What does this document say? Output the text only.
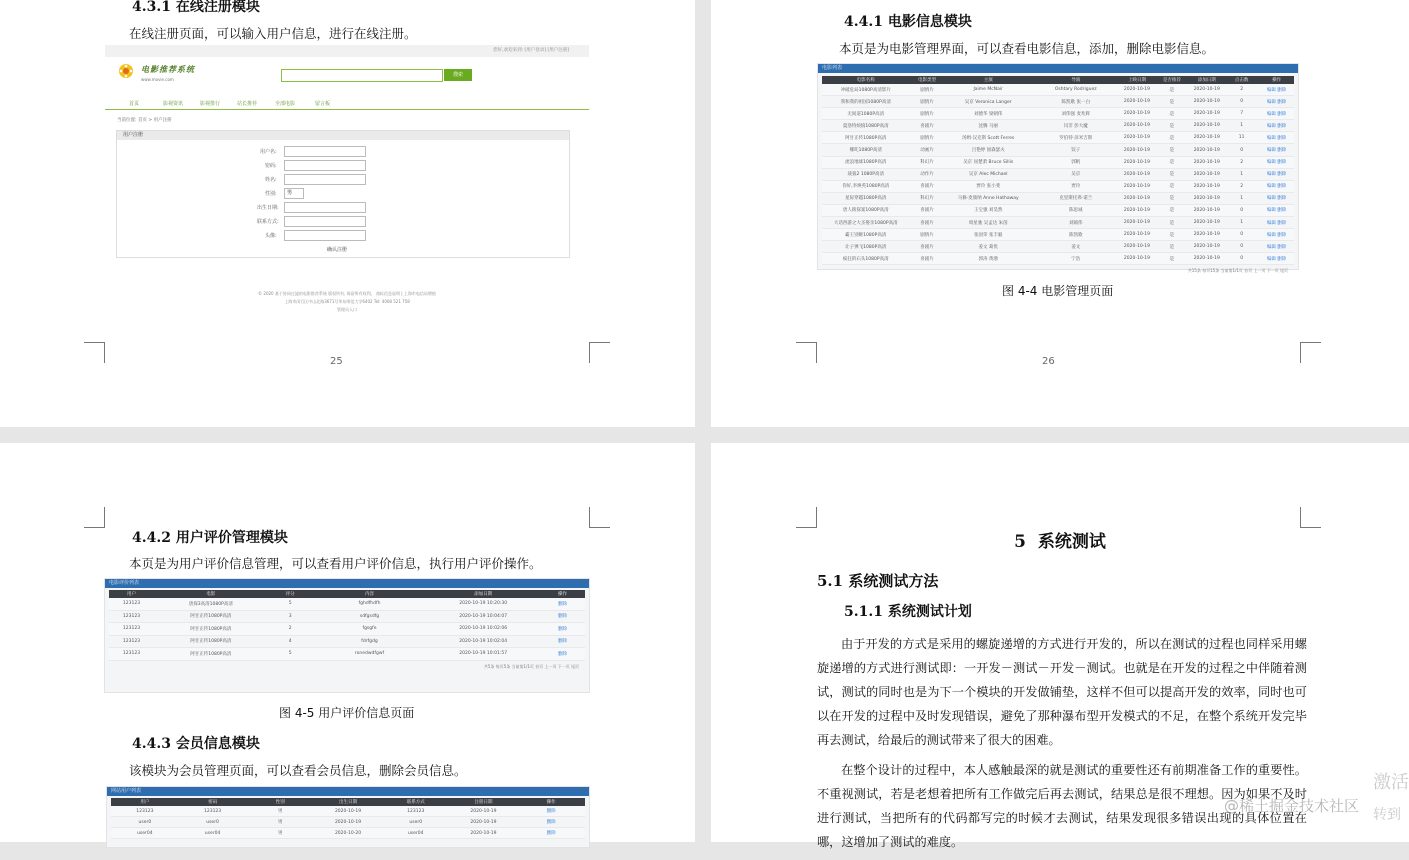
4.3.1 在线注册模块
在线注册页面，可以输入用户信息，进行在线注册。
您好,欢迎来到: [用户登录] [用户注册]
电影推荐系统
www.movie.com
搜索
首页	影视资讯	影视排行	站长推荐	全部电影	留言板
当前位置: 首页 > 用户注册
用户注册
用户名:
密码:
姓名:
性别:	男
出生日期:
联系方式:
头像:
确认注册
© 2020 基于协同过滤的电影推荐系统 版权所有, 保留所有权利。 商标信息说明 | 上海市电信局增值
上海市闵行区中山北路3671号华东师范大学6402 Tel: 4008 521 758
管理员入口
25
4.4.1 电影信息模块
本页是为电影管理界面，可以查看电影信息，添加，删除电影信息。
电影列表
电影名称	电影类型	主演	导演	上映日期	是否推荐	添加日期	点击数	操作
冲破危局1080P高清影片	剧情片	Jaime McNair	Oshtary Rodriguez	2020-10-19	是	2020-10-19	2	编辑 删除
我和我的祖国1080P高清	剧情片	吴京 Veronica Langer	陈凯歌 张一白	2020-10-19	是	2020-10-19	0	编辑 删除
无间道1080P高清	剧情片	刘德华 梁朝伟	刘伟强 麦兆辉	2020-10-19	是	2020-10-19	7	编辑 删除
夏洛特烦恼1080P高清	喜剧片	沈腾 马丽	闫非 彭大魔	2020-10-19	是	2020-10-19	1	编辑 删除
阿甘正传1080P高清	剧情片	汤姆·汉克斯 Scott Ferres	罗伯特·泽米吉斯	2020-10-19	是	2020-10-19	11	编辑 删除
哪吒1080P高清	动画片	吕艳婷 囧森瑟夫	饺子	2020-10-19	是	2020-10-19	0	编辑 删除
流浪地球1080P高清	科幻片	吴京 屈楚萧 Bruce Sillis	郭帆	2020-10-19	是	2020-10-19	2	编辑 删除
战狼2 1080P高清	动作片	吴京 Alec Michael	吴京	2020-10-19	是	2020-10-19	1	编辑 删除
你好,李焕英1080P高清	喜剧片	贾玲 张小斐	贾玲	2020-10-19	是	2020-10-19	2	编辑 删除
星际穿越1080P高清	科幻片	马修·麦康纳 Anne Hathaway	克里斯托弗·诺兰	2020-10-19	是	2020-10-19	1	编辑 删除
唐人街探案1080P高清	喜剧片	王宝强 刘昊然	陈思诚	2020-10-19	是	2020-10-19	0	编辑 删除
大话西游之大圣娶亲1080P高清	喜剧片	周星驰 吴孟达 朱茵	刘镇伟	2020-10-19	是	2020-10-19	1	编辑 删除
霸王别姬1080P高清	剧情片	张国荣 张丰毅	陈凯歌	2020-10-19	是	2020-10-19	0	编辑 删除
让子弹飞1080P高清	喜剧片	姜文 葛优	姜文	2020-10-19	是	2020-10-19	0	编辑 删除
疯狂的石头1080P高清	喜剧片	郭涛 黄渤	宁浩	2020-10-19	是	2020-10-19	0	编辑 删除
共15条 每页15条 当前第1/1页 首页 上一页 下一页 尾页
图 4-4 电影管理页面
26
4.4.2 用户评价管理模块
本页是为用户评价信息管理，可以查看用户评价信息，执行用户评价操作。
电影评价列表
用户	电影	评分	内容	添加日期	操作
123123	唐探3高清1080P高清	5	fghdfhdfh	2020-10-19 10:20:30	删除
123123	阿甘正传1080P高清	3	sdfgsdfg	2020-10-19 10:04:07	删除
123123	阿甘正传1080P高清	2	fgsgfe	2020-10-19 10:02:06	删除
123123	阿甘正传1080P高清	4	fdrfgdg	2020-10-19 10:02:04	删除
123123	阿甘正传1080P高清	5	ronedwdfgwf	2020-10-19 10:01:57	删除
共5条 每页5条 当前第1/1页 首页 上一页 下一页 尾页
图 4-5 用户评价信息页面
4.4.3 会员信息模块
该模块为会员管理页面，可以查看会员信息，删除会员信息。
网站用户列表
用户	密码	性别	出生日期	联系方式	注册日期	操作
123123	123123	男	2020-10-19	123123	2020-10-19	删除
user0	user0	男	2020-10-19	user0	2020-10-19	删除
user04	user04	男	2020-10-20	user04	2020-10-19	删除
5  系统测试
5.1 系统测试方法
5.1.1 系统测试计划

由于开发的方式是采用的螺旋递增的方式进行开发的，所以在测试的过程也同样采用螺旋递增的方式进行测试即：一开发－测试－开发－测试。也就是在开发的过程之中伴随着测试，测试的同时也是为下一个模块的开发做铺垫，这样不但可以提高开发的效率，同时也可以在开发的过程中及时发现错误，避免了那种瀑布型开发模式的不足，在整个系统开发完毕再去测试，给最后的测试带来了很大的困难。

在整个设计的过程中，本人感触最深的就是测试的重要性还有前期准备工作的重要性。不重视测试，若是老想着把所有工作做完后再去测试，结果总是很不理想。因为如果不及时进行测试，当把所有的代码都写完的时候才去测试，结果发现很多错误出现的具体位置在哪，这增加了测试的难度。

@稀土掘金技术社区
激活
转到
